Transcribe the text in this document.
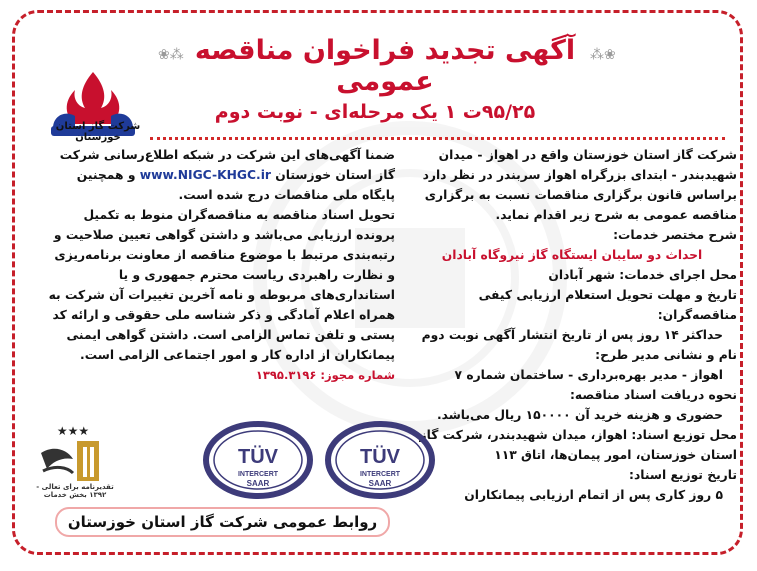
❀⁂	⁂❀
آگهی تجدید فراخوان مناقصه عمومی
۹۵/۲۵ت ۱ یک مرحله‌ای - نوبت دوم
شرکت گاز استان خوزستان

شرکت گاز استان خوزستان واقع در اهواز - میدان شهیدبندر - ابتدای بزرگراه اهواز سربندر در نظر دارد براساس قانون برگزاری مناقصات نسبت به برگزاری مناقصه عمومی به شرح زیر اقدام نماید.

شرح مختصر خدمات:

احداث دو سایبان ایستگاه گاز نیروگاه آبادان

محل اجرای خدمات: شهر آبادان

تاریخ و مهلت تحویل استعلام ارزیابی کیفی مناقصه‌گران:

حداکثر ۱۴ روز پس از تاریخ انتشار آگهی نوبت دوم

نام و نشانی مدیر طرح:

اهواز - مدیر بهره‌برداری - ساختمان شماره ۷

نحوه دریافت اسناد مناقصه:

حضوری و هزینه خرید آن ۱۵۰۰۰۰ ریال می‌باشد.

محل توزیع اسناد: اهواز، میدان شهیدبندر، شرکت گاز استان خوزستان، امور پیمان‌ها، اتاق ۱۱۳

تاریخ توزیع اسناد:

۵ روز کاری پس از اتمام ارزیابی پیمانکاران

ضمنا آگهی‌های این شرکت در شبکه اطلاع‌رسانی شرکت گاز استان خوزستان www.NIGC-KHGC.ir و همچنین پایگاه ملی مناقصات درج شده است.

تحویل اسناد مناقصه به مناقصه‌گران منوط به تکمیل پرونده ارزیابی می‌باشد و داشتن گواهی تعیین صلاحیت و رتبه‌بندی مرتبط با موضوع مناقصه از معاونت برنامه‌ریزی و نظارت راهبردی ریاست محترم جمهوری و یا استانداری‌های مربوطه و نامه آخرین تغییرات آن شرکت به همراه اعلام آمادگی و ذکر شناسه ملی حقوقی و ارائه کد پستی و تلفن تماس الزامی است. داشتن گواهی ایمنی پیمانکاران از اداره کار و امور اجتماعی الزامی است.

شماره مجوز: ۱۳۹۵.۳۱۹۶

★★★
تقدیرنامه برای تعالی - ۱۳۹۲ بخش خدمات
TÜV
INTERCERT
SAAR
TÜV
INTERCERT
SAAR
روابط عمومی شرکت گاز استان خوزستان
